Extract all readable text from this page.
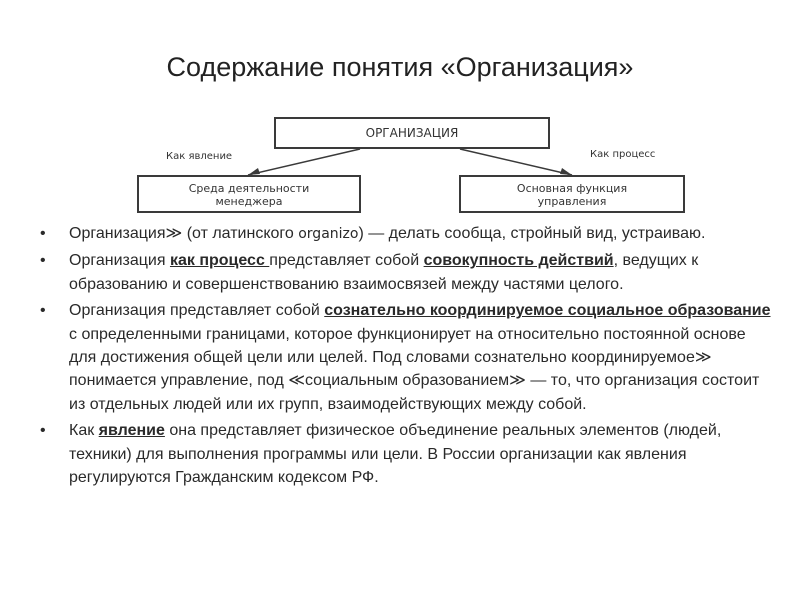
Содержание понятия «Организация»
ОРГАНИЗАЦИЯ
Как явление	Как процесс
Среда деятельности
менеджера
Основная функция
управления
• Организация≫ (от латинского organizo) — делать сообща, стройный вид, устраиваю.
• Организация как процесс представляет собой совокупность действий, ведущих к образованию и совершенствованию взаимосвязей между частями целого.
• Организация представляет собой сознательно координируемое социальное образование с определенными границами, которое функционирует на относительно постоянной основе для достижения общей цели или целей. Под словами сознательно координируемое≫ понимается управление, под ≪социальным образованием≫ — то, что организация состоит из отдельных людей или их групп, взаимодействующих между собой.
• Как явление она представляет физическое объединение реальных элементов (людей, техники) для выполнения программы или цели. В России организации как явления регулируются Гражданским кодексом РФ.
